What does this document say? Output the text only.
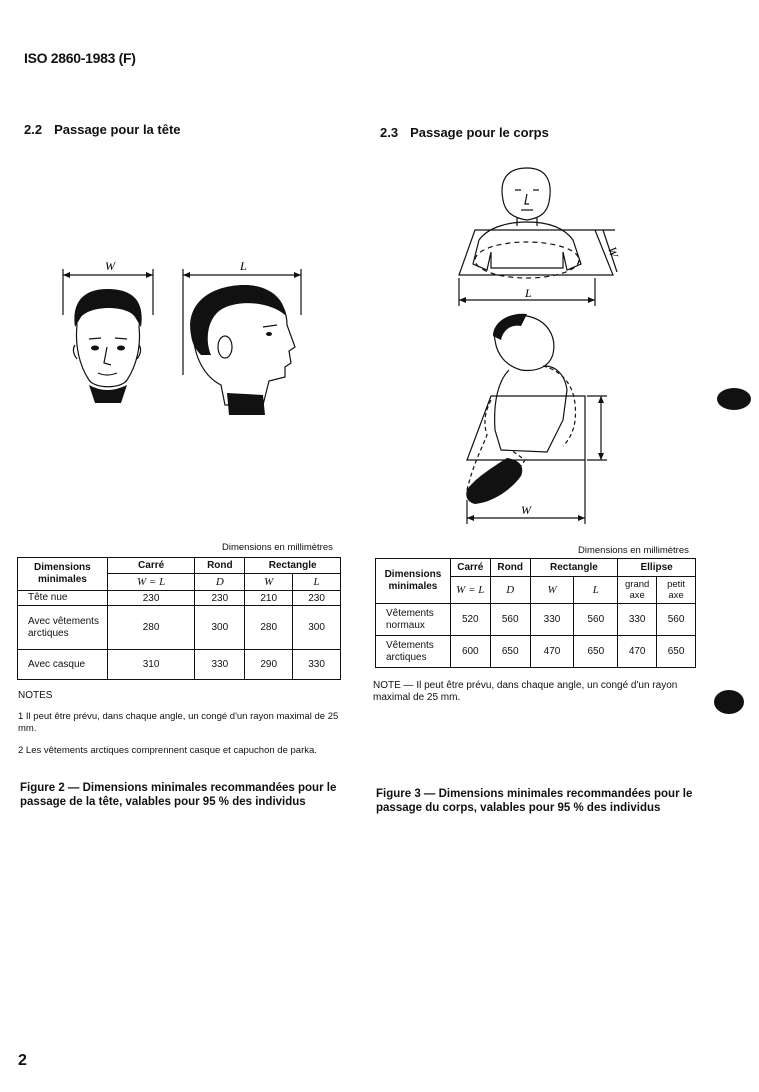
ISO 2860-1983 (F)
2.2 Passage pour la tête	2.3 Passage pour le corps
W	L
W
L
W
Dimensions en millimètres
Dimensions minimales	Carré	Rond	Rectangle	
	W = L	D	W	L
Tête nue	230	230	210	230
Avec vêtements arctiques	280	300	280	300
Avec casque	310	330	290	330
NOTES
1 Il peut être prévu, dans chaque angle, un congé d'un rayon maximal de 25 mm.
2 Les vêtements arctiques comprennent casque et capuchon de parka.
Figure 2 — Dimensions minimales recommandées pour le passage de la tête, valables pour 95 % des individus
Dimensions en millimètres
Dimensions minimales	Carré	Rond	Rectangle		Ellipse	
	W = L	D	W	L	grand axe	petit axe
Vêtements normaux	520	560	330	560	330	560
Vêtements arctiques	600	650	470	650	470	650
NOTE — Il peut être prévu, dans chaque angle, un congé d'un rayon maximal de 25 mm.
Figure 3 — Dimensions minimales recommandées pour le passage du corps, valables pour 95 % des individus
2
